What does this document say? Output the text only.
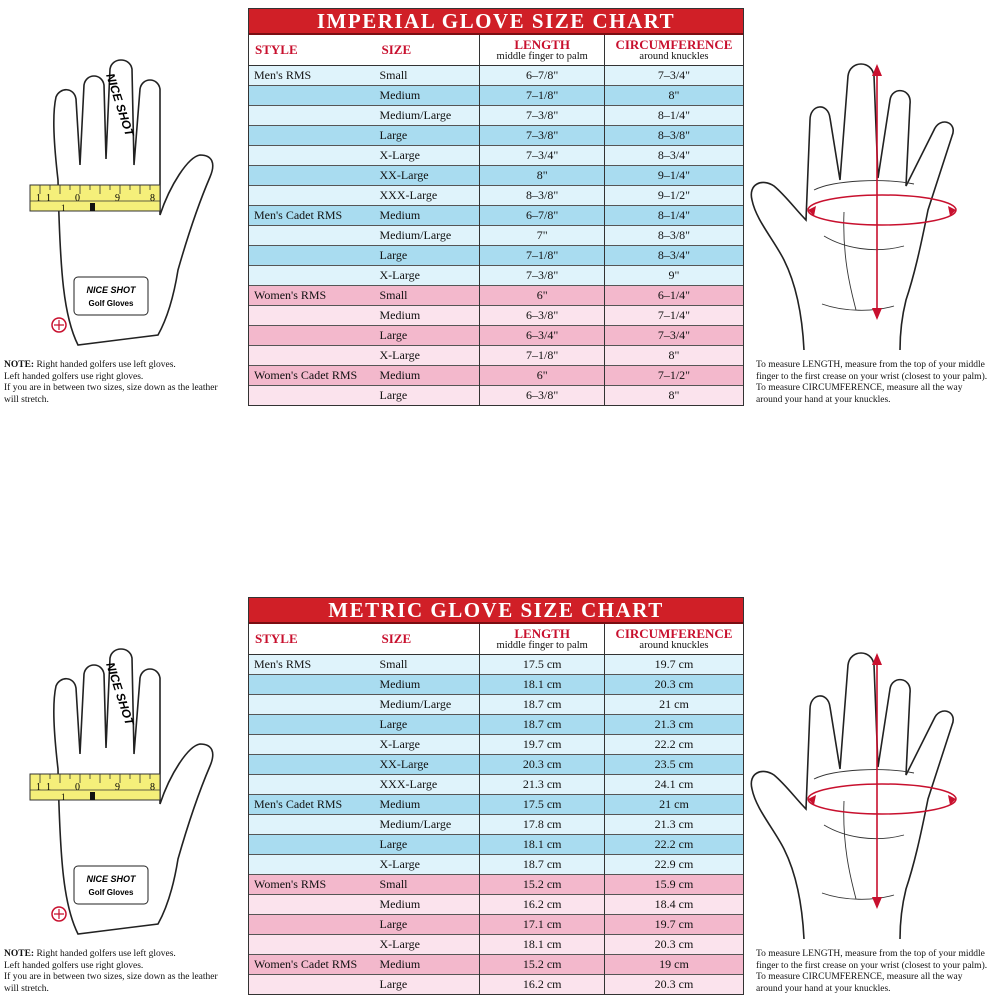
1 1 0	9	8
1
NICE SHOT
NICE SHOT
Golf Gloves
NOTE: Right handed golfers use left gloves.
Left handed golfers use right gloves.
If you are in between two sizes, size down as the leather will stretch.
IMPERIAL GLOVE SIZE CHART
STYLE	SIZE	LENGTH
middle finger to palm	CIRCUMFERENCE
around knuckles

Men's RMS	Small	6–7/8"	7–3/4"
	Medium	7–1/8"	8"
	Medium/Large	7–3/8"	8–1/4"
	Large	7–3/8"	8–3/8"
	X-Large	7–3/4"	8–3/4"
	XX-Large	8"	9–1/4"
	XXX-Large	8–3/8"	9–1/2"
Men's Cadet RMS	Medium	6–7/8"	8–1/4"
	Medium/Large	7"	8–3/8"
	Large	7–1/8"	8–3/4"
	X-Large	7–3/8"	9"
Women's RMS	Small	6"	6–1/4"
	Medium	6–3/8"	7–1/4"
	Large	6–3/4"	7–3/4"
	X-Large	7–1/8"	8"
Women's Cadet RMS	Medium	6"	7–1/2"
	Large	6–3/8"	8"
To measure LENGTH, measure from the top of your middle finger to the first crease on your wrist (closest to your palm). To measure CIRCUMFERENCE, measure all the way around your hand at your knuckles.
1 1 0	9	8
1
NICE SHOT
NICE SHOT
Golf Gloves
NOTE: Right handed golfers use left gloves.
Left handed golfers use right gloves.
If you are in between two sizes, size down as the leather will stretch.
METRIC GLOVE SIZE CHART
STYLE	SIZE	LENGTH
middle finger to palm	CIRCUMFERENCE
around knuckles

Men's RMS	Small	17.5 cm	19.7 cm
	Medium	18.1 cm	20.3 cm
	Medium/Large	18.7 cm	21 cm
	Large	18.7 cm	21.3 cm
	X-Large	19.7 cm	22.2 cm
	XX-Large	20.3 cm	23.5 cm
	XXX-Large	21.3 cm	24.1 cm
Men's Cadet RMS	Medium	17.5 cm	21 cm
	Medium/Large	17.8 cm	21.3 cm
	Large	18.1 cm	22.2 cm
	X-Large	18.7 cm	22.9 cm
Women's RMS	Small	15.2 cm	15.9 cm
	Medium	16.2 cm	18.4 cm
	Large	17.1 cm	19.7 cm
	X-Large	18.1 cm	20.3 cm
Women's Cadet RMS	Medium	15.2 cm	19 cm
	Large	16.2 cm	20.3 cm
To measure LENGTH, measure from the top of your middle finger to the first crease on your wrist (closest to your palm). To measure CIRCUMFERENCE, measure all the way around your hand at your knuckles.
